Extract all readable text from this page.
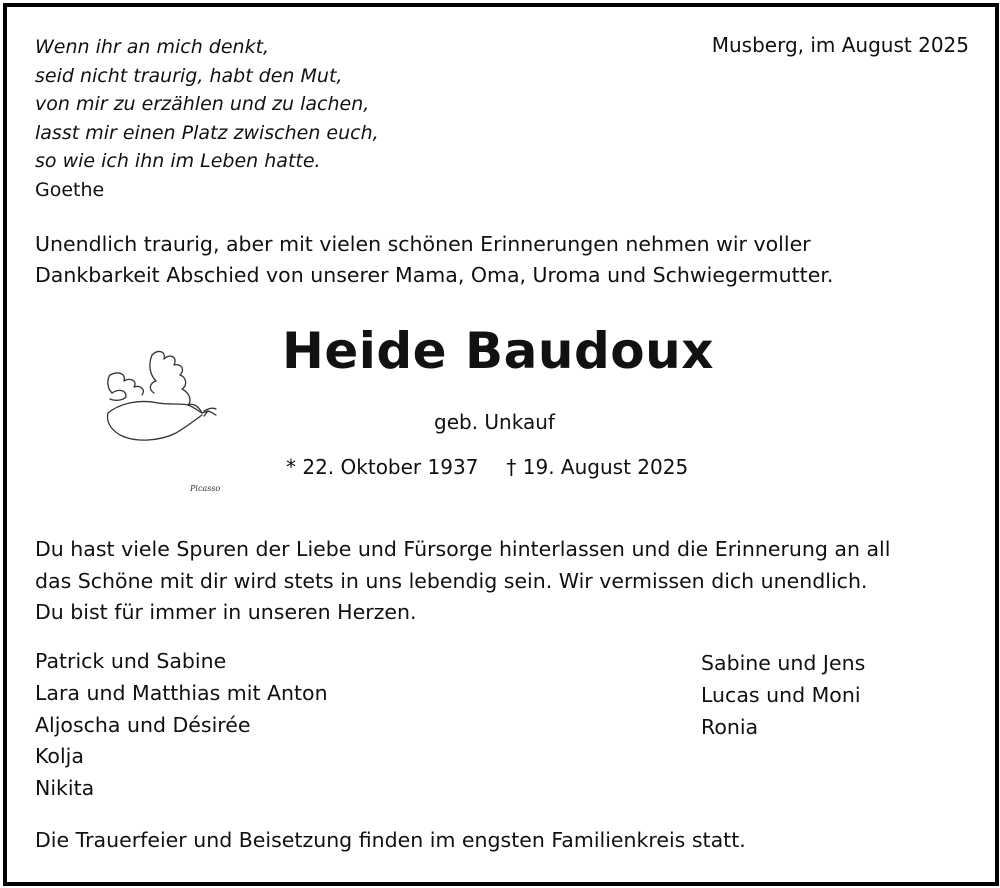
Wenn ihr an mich denkt,
seid nicht traurig, habt den Mut,
von mir zu erzählen und zu lachen,
lasst mir einen Platz zwischen euch,
so wie ich ihn im Leben hatte.
Goethe
Musberg, im August 2025
Unendlich traurig, aber mit vielen schönen Erinnerungen nehmen wir voller
Dankbarkeit Abschied von unserer Mama, Oma, Uroma und Schwiegermutter.
Picasso
Heide Baudoux
geb. Unkauf
* 22. Oktober 1937 † 19. August 2025
Du hast viele Spuren der Liebe und Fürsorge hinterlassen und die Erinnerung an all
das Schöne mit dir wird stets in uns lebendig sein. Wir vermissen dich unendlich.
Du bist für immer in unseren Herzen.
Patrick und Sabine
Lara und Matthias mit Anton
Aljoscha und Désirée
Kolja
Nikita
Sabine und Jens
Lucas und Moni
Ronia
Die Trauerfeier und Beisetzung finden im engsten Familienkreis statt.
